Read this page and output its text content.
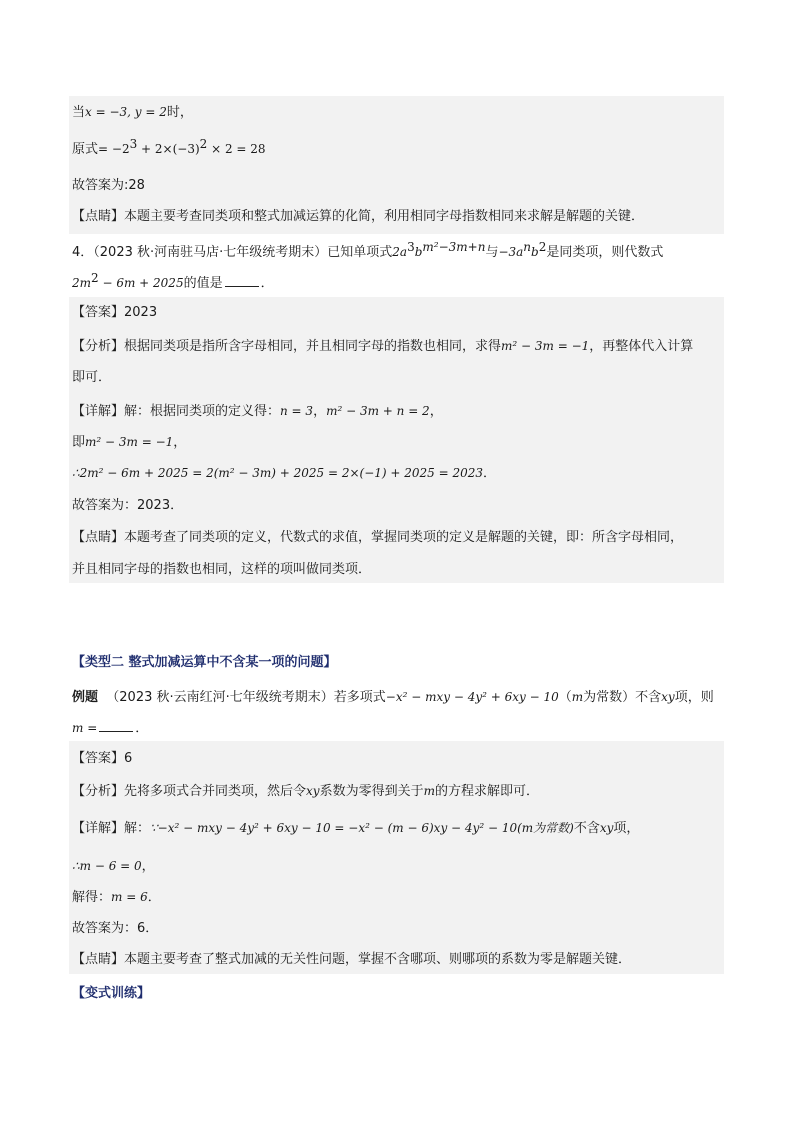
当x = −3, y = 2时，
原式= $-2^3 + 2\times(-3)^2 \times 2 = 28$
故答案为:28
【点睛】本题主要考查同类项和整式加减运算的化简，利用相同字母指数相同来求解是解题的关键．
4．（2023 秋·河南驻马店·七年级统考期末）已知单项式$2a^3b^{m^2-3m+n}$与$-3a^nb^2$是同类项，则代数式
$2m^2 - 6m + 2025$的值是	．
【答案】2023
【分析】根据同类项是指所含字母相同，并且相同字母的指数也相同，求得m² − 3m = −1，再整体代入计算
即可．
【详解】解：根据同类项的定义得：n = 3，m² − 3m + n = 2，
即m² − 3m = −1，
∴2m² − 6m + 2025 = 2(m² − 3m) + 2025 = 2×(−1) + 2025 = 2023．
故答案为：2023．
【点睛】本题考查了同类项的定义，代数式的求值，掌握同类项的定义是解题的关键，即：所含字母相同，
并且相同字母的指数也相同，这样的项叫做同类项．
【类型二 整式加减运算中不含某一项的问题】
例题 （2023 秋·云南红河·七年级统考期末）若多项式−x² − mxy − 4y² + 6xy − 10（m为常数）不含xy项，则
m =	．
【答案】6
【分析】先将多项式合并同类项，然后令xy系数为零得到关于m的方程求解即可．
【详解】解：∵−x² − mxy − 4y² + 6xy − 10 = −x² − (m − 6)xy − 4y² − 10(m为常数)不含xy项，
∴m − 6 = 0，
解得：m = 6．
故答案为：6．
【点睛】本题主要考查了整式加减的无关性问题，掌握不含哪项、则哪项的系数为零是解题关键．
【变式训练】
